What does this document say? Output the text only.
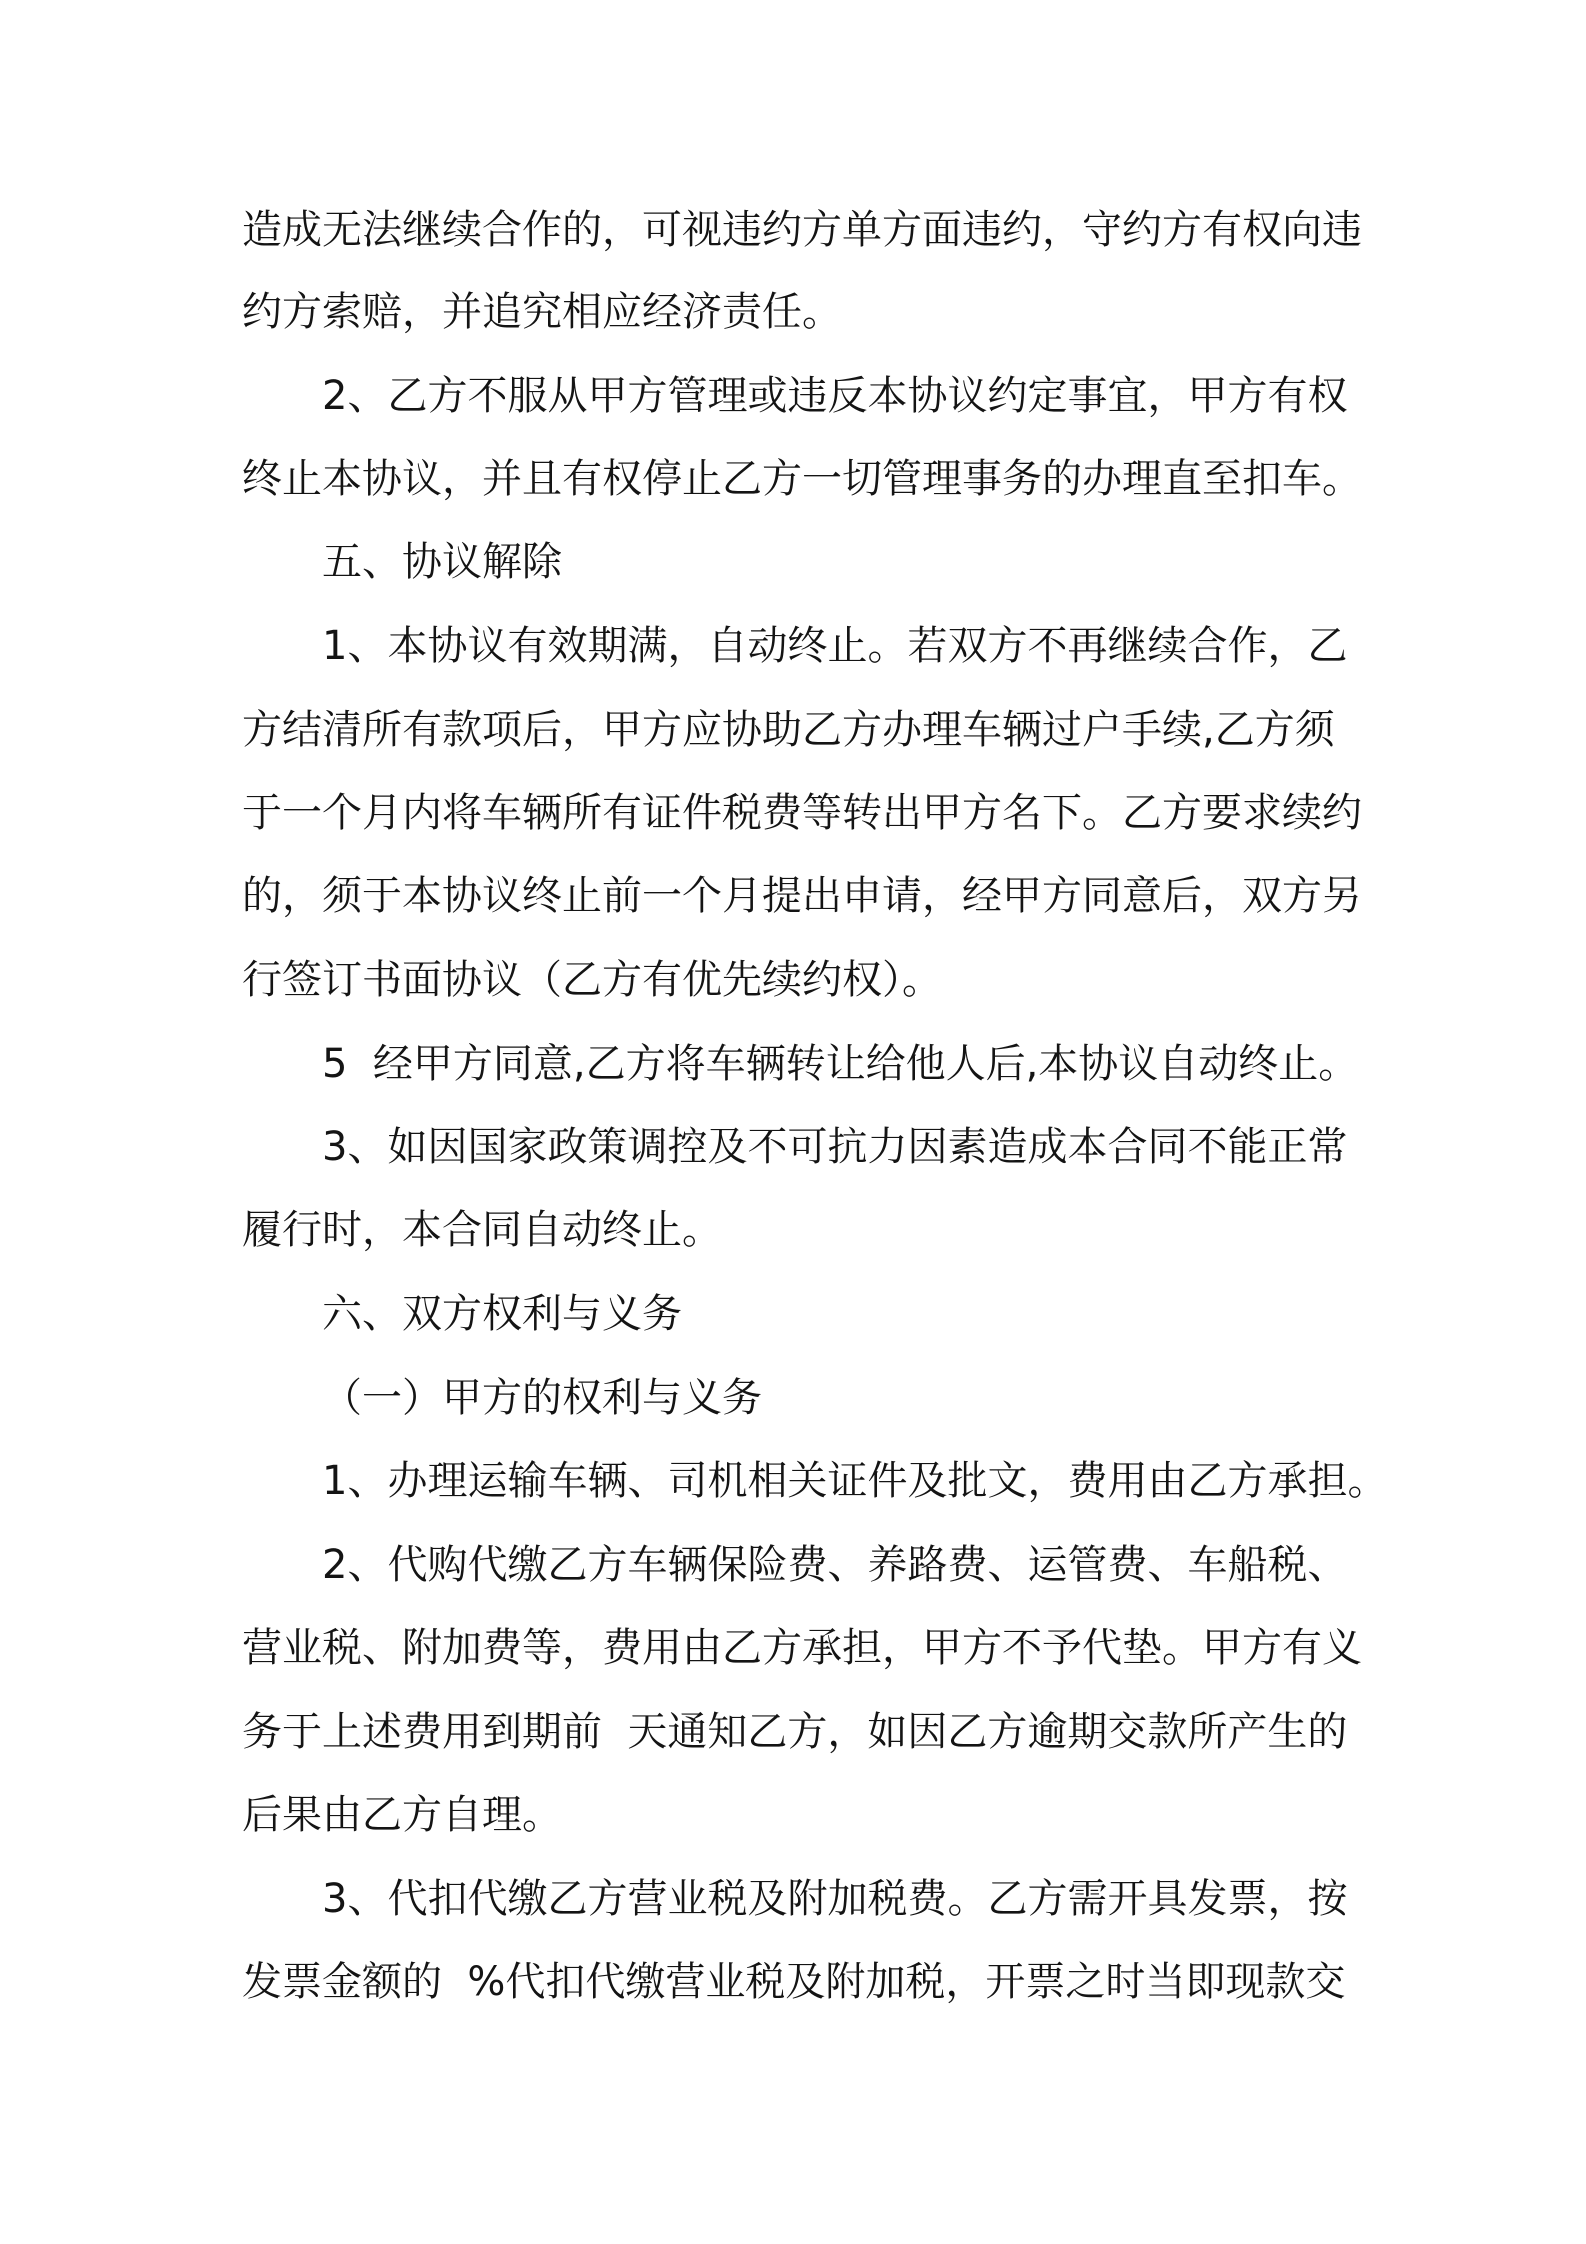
造成无法继续合作的，可视违约方单方面违约，守约方有权向违
约方索赔，并追究相应经济责任。
2、乙方不服从甲方管理或违反本协议约定事宜，甲方有权
终止本协议，并且有权停止乙方一切管理事务的办理直至扣车。
五、协议解除
1、本协议有效期满，自动终止。若双方不再继续合作，乙
方结清所有款项后，甲方应协助乙方办理车辆过户手续,乙方须
于一个月内将车辆所有证件税费等转出甲方名下。乙方要求续约
的，须于本协议终止前一个月提出申请，经甲方同意后，双方另
行签订书面协议（乙方有优先续约权）。
5  经甲方同意,乙方将车辆转让给他人后,本协议自动终止。
3、如因国家政策调控及不可抗力因素造成本合同不能正常
履行时，本合同自动终止。
六、双方权利与义务
（一）甲方的权利与义务
1、办理运输车辆、司机相关证件及批文，费用由乙方承担。
2、代购代缴乙方车辆保险费、养路费、运管费、车船税、
营业税、附加费等，费用由乙方承担，甲方不予代垫。甲方有义
务于上述费用到期前  天通知乙方，如因乙方逾期交款所产生的
后果由乙方自理。
3、代扣代缴乙方营业税及附加税费。乙方需开具发票，按
发票金额的  %代扣代缴营业税及附加税，开票之时当即现款交
